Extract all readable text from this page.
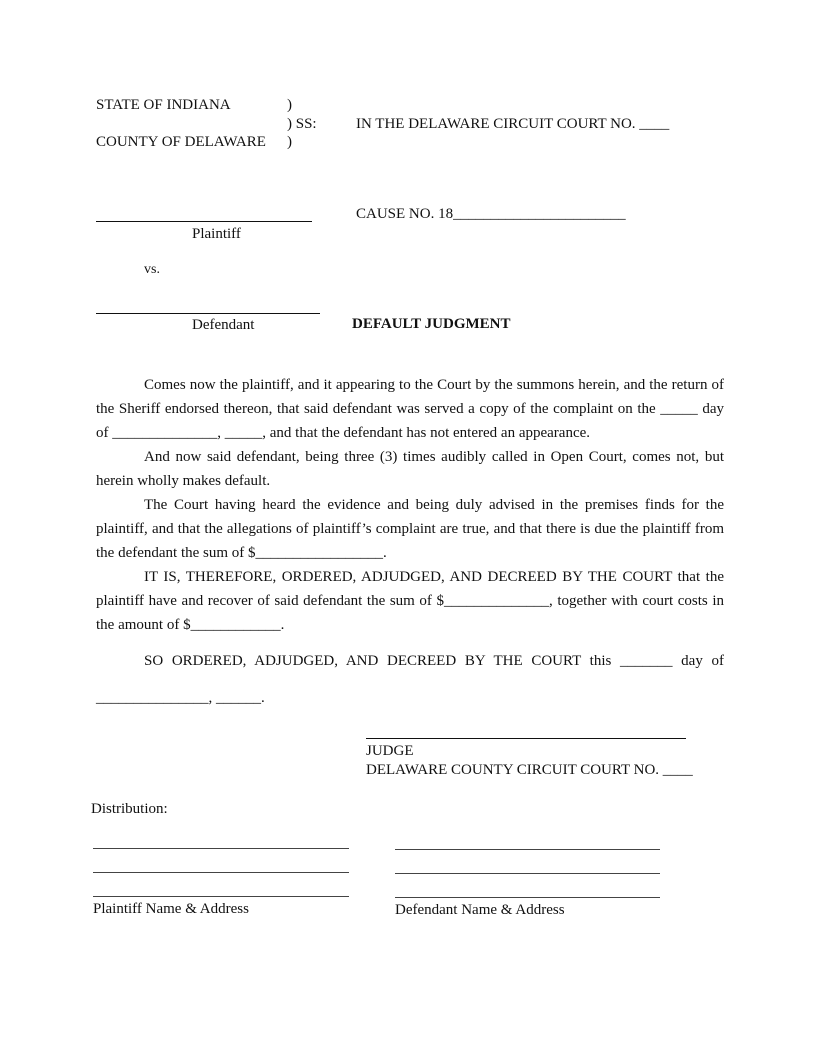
STATE OF INDIANA	)
) SS:	IN THE DELAWARE CIRCUIT COURT NO. ____
COUNTY OF DELAWARE )
Plaintiff
CAUSE NO. 18_______________________
vs.
Defendant	DEFAULT JUDGMENT
Comes now the plaintiff, and it appearing to the Court by the summons herein, and the return of the Sheriff endorsed thereon, that said defendant was served a copy of the complaint on the _____ day of ______________, _____, and that the defendant has not entered an appearance.
And now said defendant, being three (3) times audibly called in Open Court, comes not, but herein wholly makes default.
The Court having heard the evidence and being duly advised in the premises finds for the plaintiff, and that the allegations of plaintiff’s complaint are true, and that there is due the plaintiff from the defendant the sum of $_________________.
IT IS, THEREFORE, ORDERED, ADJUDGED, AND DECREED BY THE COURT that the plaintiff have and recover of said defendant the sum of $______________, together with court costs in the amount of $____________.
SO ORDERED, ADJUDGED, AND DECREED BY THE COURT this _______ day of
_______________, ______.
JUDGE
DELAWARE COUNTY CIRCUIT COURT NO. ____
Distribution:
Plaintiff Name & Address	Defendant Name & Address
